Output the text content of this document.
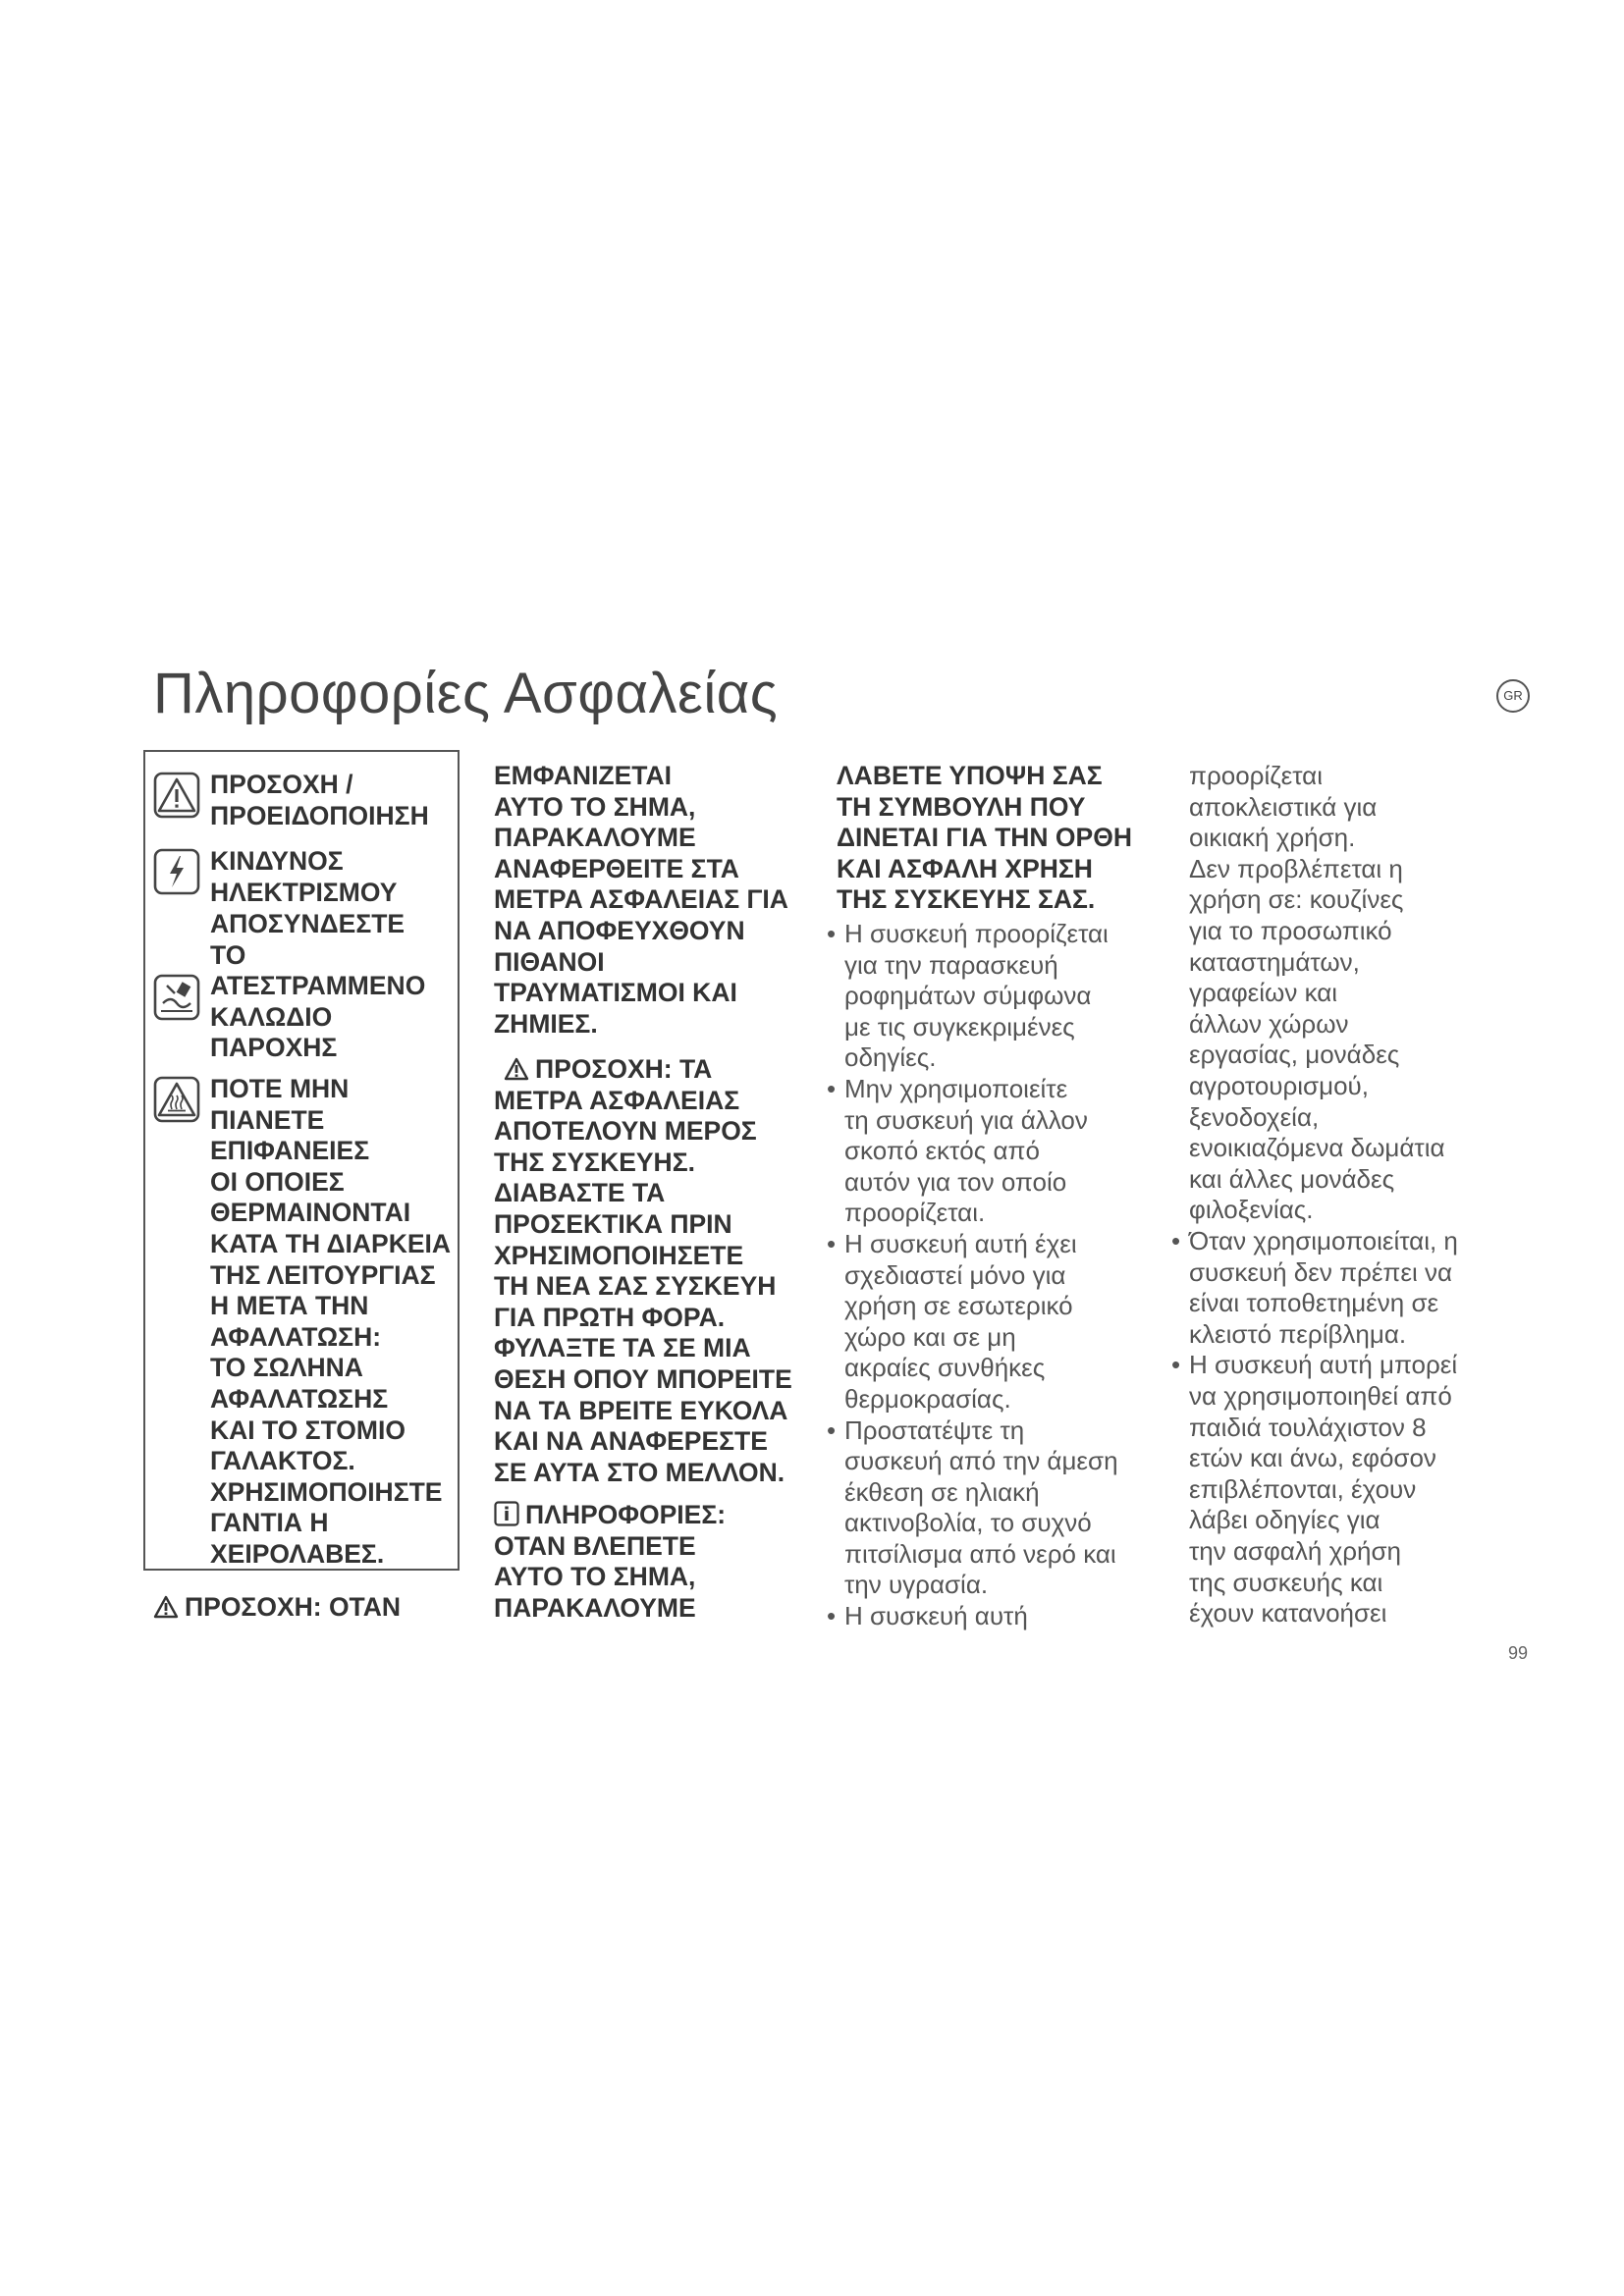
Πληροφορίες Ασφαλείας	GR
ΠΡΟΣΟΧΗ /
ΠΡΟΕΙΔΟΠΟΙΗΣΗ
ΚΙΝΔΥΝΟΣ
ΗΛΕΚΤΡΙΣΜΟΥ
ΑΠΟΣΥΝΔΕΣΤΕ
ΤΟ
ΑΤΕΣΤΡΑΜΜΕΝΟ
ΚΑΛΩΔΙΟ
ΠΑΡΟΧΗΣ
ΠΟΤΕ ΜΗΝ
ΠΙΑΝΕΤΕ
ΕΠΙΦΑΝΕΙΕΣ
ΟΙ ΟΠΟΙΕΣ
ΘΕΡΜΑΙΝΟΝΤΑΙ
ΚΑΤΑ ΤΗ ΔΙΑΡΚΕΙΑ
ΤΗΣ ΛΕΙΤΟΥΡΓΙΑΣ
Η ΜΕΤΑ ΤΗΝ
ΑΦΑΛΑΤΩΣΗ:
ΤΟ ΣΩΛΗΝΑ
ΑΦΑΛΑΤΩΣΗΣ
ΚΑΙ ΤΟ ΣΤΟΜΙΟ
ΓΑΛΑΚΤΟΣ.
ΧΡΗΣΙΜΟΠΟΙΗΣΤΕ
ΓΑΝΤΙΑ Η
ΧΕΙΡΟΛΑΒΕΣ.
ΠΡΟΣΟΧΗ: ΟΤΑΝ
ΕΜΦΑΝΙΖΕΤΑΙ
ΑΥΤΟ ΤΟ ΣΗΜΑ,
ΠΑΡΑΚΑΛΟΥΜΕ
ΑΝΑΦΕΡΘΕΙΤΕ ΣΤΑ
ΜΕΤΡΑ ΑΣΦΑΛΕΙΑΣ ΓΙΑ
ΝΑ ΑΠΟΦΕΥΧΘΟΥΝ
ΠΙΘΑΝΟΙ
ΤΡΑΥΜΑΤΙΣΜΟΙ ΚΑΙ
ΖΗΜΙΕΣ.
ΠΡΟΣΟΧΗ: ΤΑ
ΜΕΤΡΑ ΑΣΦΑΛΕΙΑΣ
ΑΠΟΤΕΛΟΥΝ ΜΕΡΟΣ
ΤΗΣ ΣΥΣΚΕΥΗΣ.
ΔΙΑΒΑΣΤΕ ΤΑ
ΠΡΟΣΕΚΤΙΚΑ ΠΡΙΝ
ΧΡΗΣΙΜΟΠΟΙΗΣΕΤΕ
ΤΗ ΝΕΑ ΣΑΣ ΣΥΣΚΕΥΗ
ΓΙΑ ΠΡΩΤΗ ΦΟΡΑ.
ΦΥΛΑΞΤΕ ΤΑ ΣΕ ΜΙΑ
ΘΕΣΗ ΟΠΟΥ ΜΠΟΡΕΙΤΕ
ΝΑ ΤΑ ΒΡΕΙΤΕ ΕΥΚΟΛΑ
ΚΑΙ ΝΑ ΑΝΑΦΕΡΕΣΤΕ
ΣΕ ΑΥΤΑ ΣΤΟ ΜΕΛΛΟΝ.
ΠΛΗΡΟΦΟΡΙΕΣ:
ΟΤΑΝ ΒΛΕΠΕΤΕ
ΑΥΤΟ ΤΟ ΣΗΜΑ,
ΠΑΡΑΚΑΛΟΥΜΕ
ΛΑΒΕΤΕ ΥΠΟΨΗ ΣΑΣ
ΤΗ ΣΥΜΒΟΥΛΗ ΠΟΥ
ΔΙΝΕΤΑΙ ΓΙΑ ΤΗΝ ΟΡΘΗ
ΚΑΙ ΑΣΦΑΛΗ ΧΡΗΣΗ
ΤΗΣ ΣΥΣΚΕΥΗΣ ΣΑΣ.
• Η συσκευή προορίζεται
για την παρασκευή
ροφημάτων σύμφωνα
με τις συγκεκριμένες
οδηγίες.
• Μην χρησιμοποιείτε
τη συσκευή για άλλον
σκοπό εκτός από
αυτόν για τον οποίο
προορίζεται.
• Η συσκευή αυτή έχει
σχεδιαστεί μόνο για
χρήση σε εσωτερικό
χώρο και σε μη
ακραίες συνθήκες
θερμοκρασίας.
• Προστατέψτε τη
συσκευή από την άμεση
έκθεση σε ηλιακή
ακτινοβολία, το συχνό
πιτσίλισμα από νερό και
την υγρασία.
• Η συσκευή αυτή
προορίζεται
αποκλειστικά για
οικιακή χρήση.
Δεν προβλέπεται η
χρήση σε: κουζίνες
για το προσωπικό
καταστημάτων,
γραφείων και
άλλων χώρων
εργασίας, μονάδες
αγροτουρισμού,
ξενοδοχεία,
ενοικιαζόμενα δωμάτια
και άλλες μονάδες
φιλοξενίας.
• Όταν χρησιμοποιείται, η
συσκευή δεν πρέπει να
είναι τοποθετημένη σε
κλειστό περίβλημα.
• Η συσκευή αυτή μπορεί
να χρησιμοποιηθεί από
παιδιά τουλάχιστον 8
ετών και άνω, εφόσον
επιβλέπονται, έχουν
λάβει οδηγίες για
την ασφαλή χρήση
της συσκευής και
έχουν κατανοήσει
99
